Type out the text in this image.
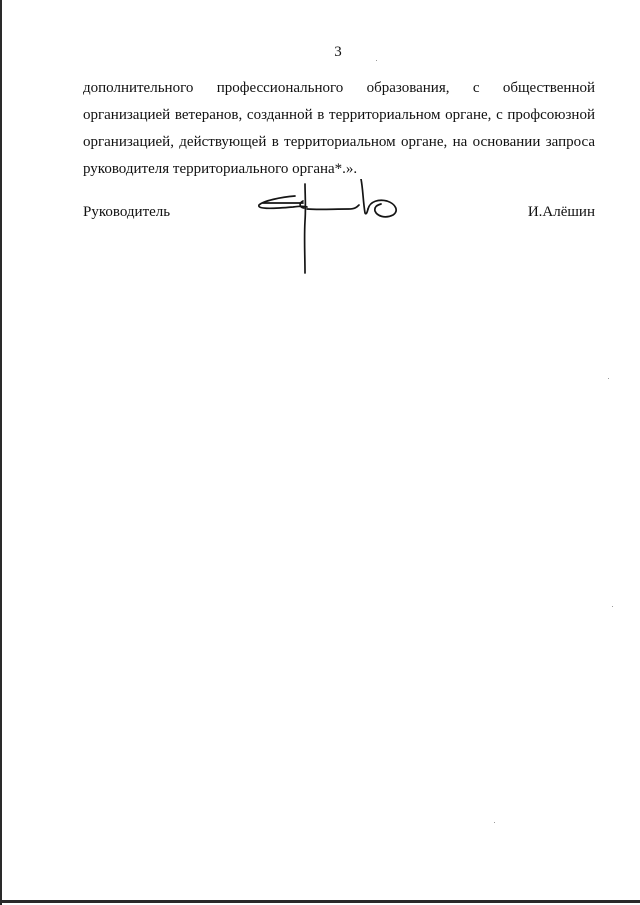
3
дополнительного профессионального образования, с общественной
организацией ветеранов, созданной в территориальном органе, с профсоюзной
организацией, действующей в территориальном органе, на основании запроса
руководителя территориального органа*.».
Руководитель	И.Алёшин
